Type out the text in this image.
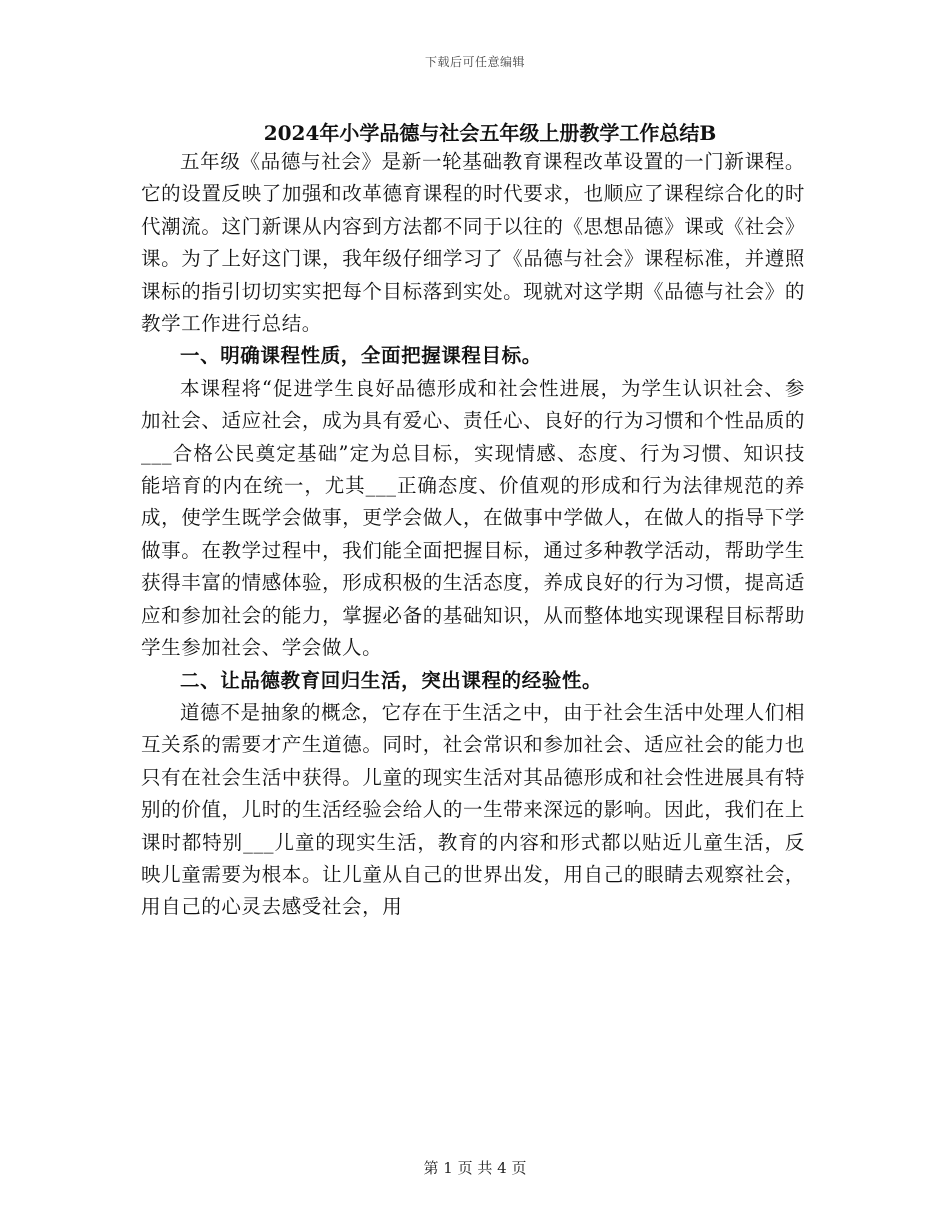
下载后可任意编辑
2024年小学品德与社会五年级上册教学工作总结B

五年级《品德与社会》是新一轮基础教育课程改革设置的一门新课程。它的设置反映了加强和改革德育课程的时代要求，也顺应了课程综合化的时代潮流。这门新课从内容到方法都不同于以往的《思想品德》课或《社会》课。为了上好这门课，我年级仔细学习了《品德与社会》课程标准，并遵照课标的指引切切实实把每个目标落到实处。现就对这学期《品德与社会》的教学工作进行总结。

一、明确课程性质，全面把握课程目标。

本课程将“促进学生良好品德形成和社会性进展，为学生认识社会、参加社会、适应社会，成为具有爱心、责任心、良好的行为习惯和个性品质的___合格公民奠定基础”定为总目标，实现情感、态度、行为习惯、知识技能培育的内在统一，尤其___正确态度、价值观的形成和行为法律规范的养成，使学生既学会做事，更学会做人，在做事中学做人，在做人的指导下学做事。在教学过程中，我们能全面把握目标，通过多种教学活动，帮助学生获得丰富的情感体验，形成积极的生活态度，养成良好的行为习惯，提高适应和参加社会的能力，掌握必备的基础知识，从而整体地实现课程目标帮助学生参加社会、学会做人。

二、让品德教育回归生活，突出课程的经验性。

道德不是抽象的概念，它存在于生活之中，由于社会生活中处理人们相互关系的需要才产生道德。同时，社会常识和参加社会、适应社会的能力也只有在社会生活中获得。儿童的现实生活对其品德形成和社会性进展具有特别的价值，儿时的生活经验会给人的一生带来深远的影响。因此，我们在上课时都特别___儿童的现实生活，教育的内容和形式都以贴近儿童生活，反映儿童需要为根本。让儿童从自己的世界出发，用自己的眼睛去观察社会，用自己的心灵去感受社会，用

第 1 页 共 4 页
